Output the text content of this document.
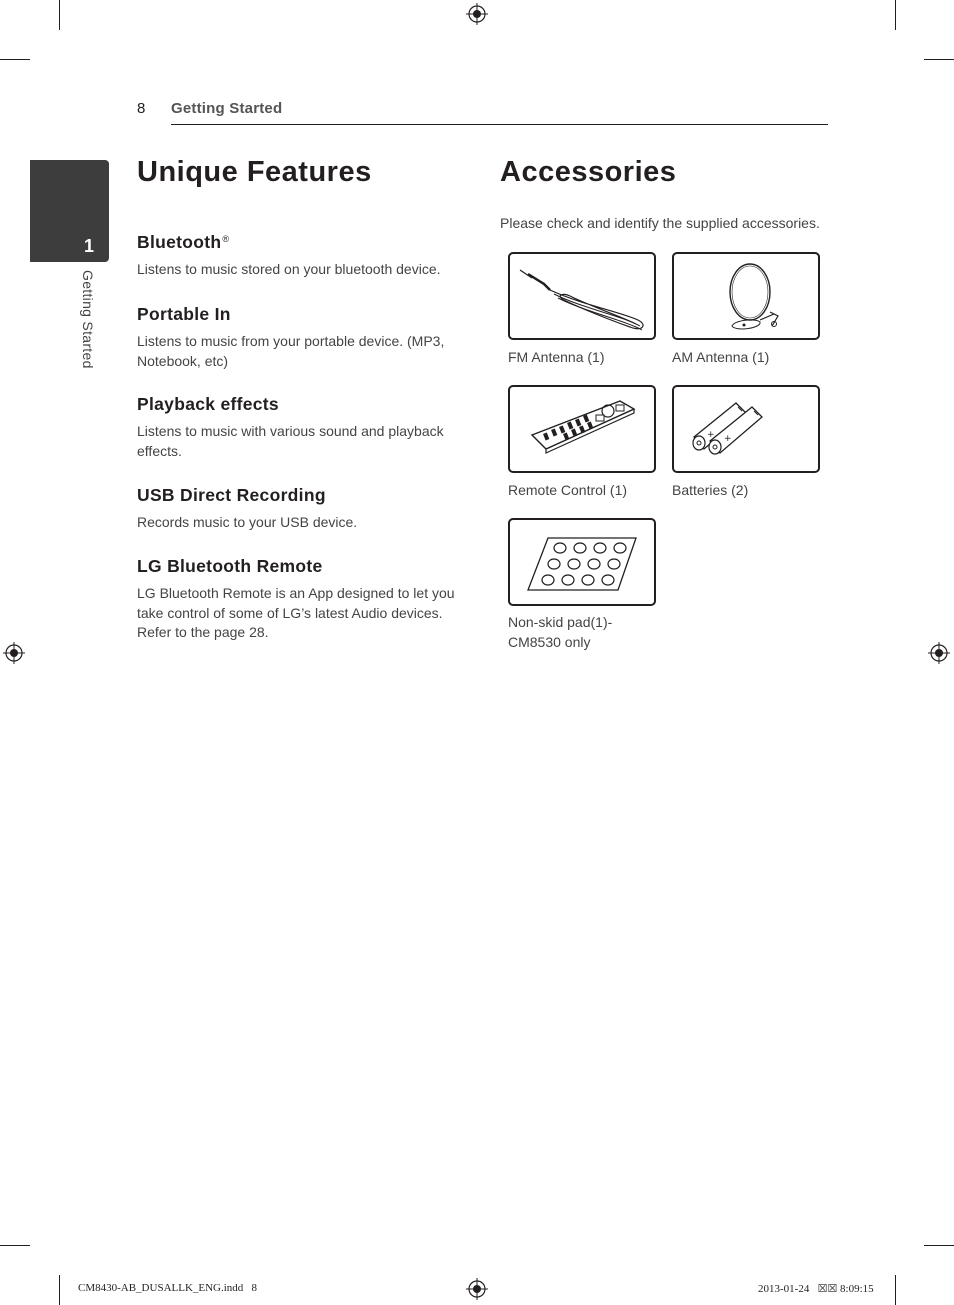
8 Getting Started
1
Getting Started
Unique Features
Bluetooth®
Listens to music stored on your bluetooth device.
Portable In
Listens to music from your portable device. (MP3, Notebook, etc)
Playback effects
Listens to music with various sound and playback effects.
USB Direct Recording
Records music to your USB device.
LG Bluetooth Remote
LG Bluetooth Remote is an App designed to let you take control of some of LG’s latest Audio devices. Refer to the page 28.
Accessories
Please check and identify the supplied accessories.
FM Antenna (1)	AM Antenna (1)
Remote Control (1)
+ +
Batteries (2)
Non-skid pad(1)-
CM8530 only
CM8430-AB_DUSALLK_ENG.indd   8	2013-01-24   ☒☒ 8:09:15
